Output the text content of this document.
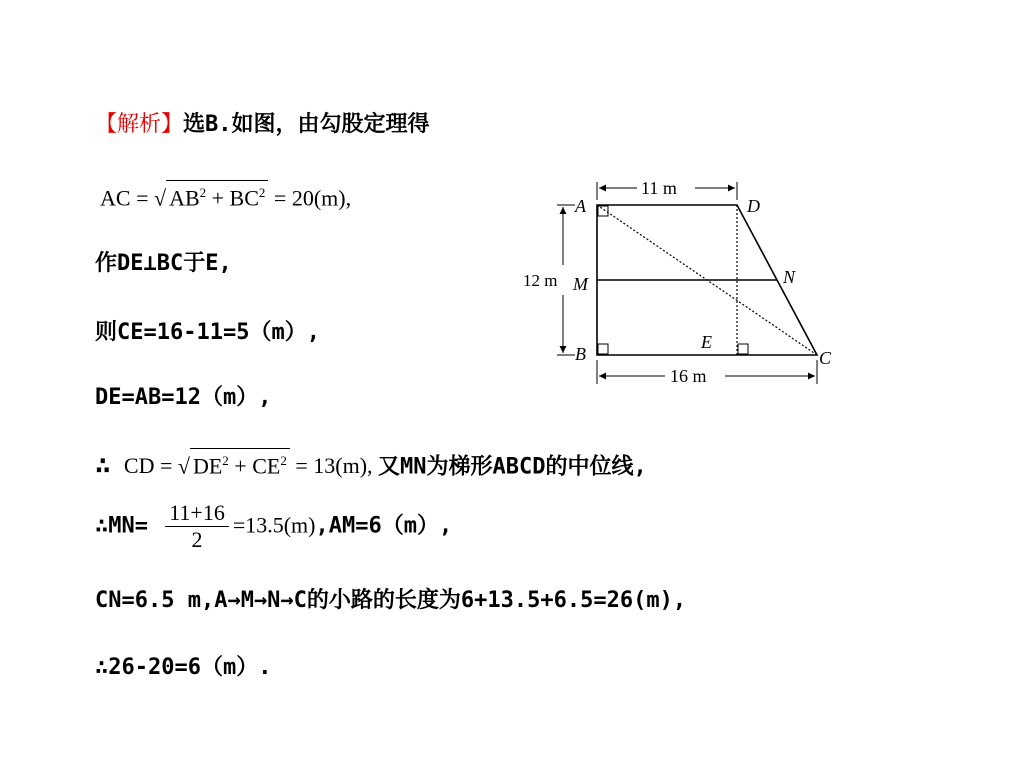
【解析】选B.如图，由勾股定理得
AC = √ $AB^2 + BC^2 = 20(m)$,
作DE⊥BC于E,
则CE=16-11=5（m）,
DE=AB=12（m）,
∴ CD = √ $DE^2 + CE^2 = 13(m)$, 又MN为梯形ABCD的中位线,
∴MN= $\frac{11+16}{2} =13.5(m),AM=6(m)$,
CN=6.5 m,A→M→N→C的小路的长度为6+13.5+6.5=26(m),
∴26-20=6（m）.
11 m
16 m
12 m
A	D
M	N
B
E
C
